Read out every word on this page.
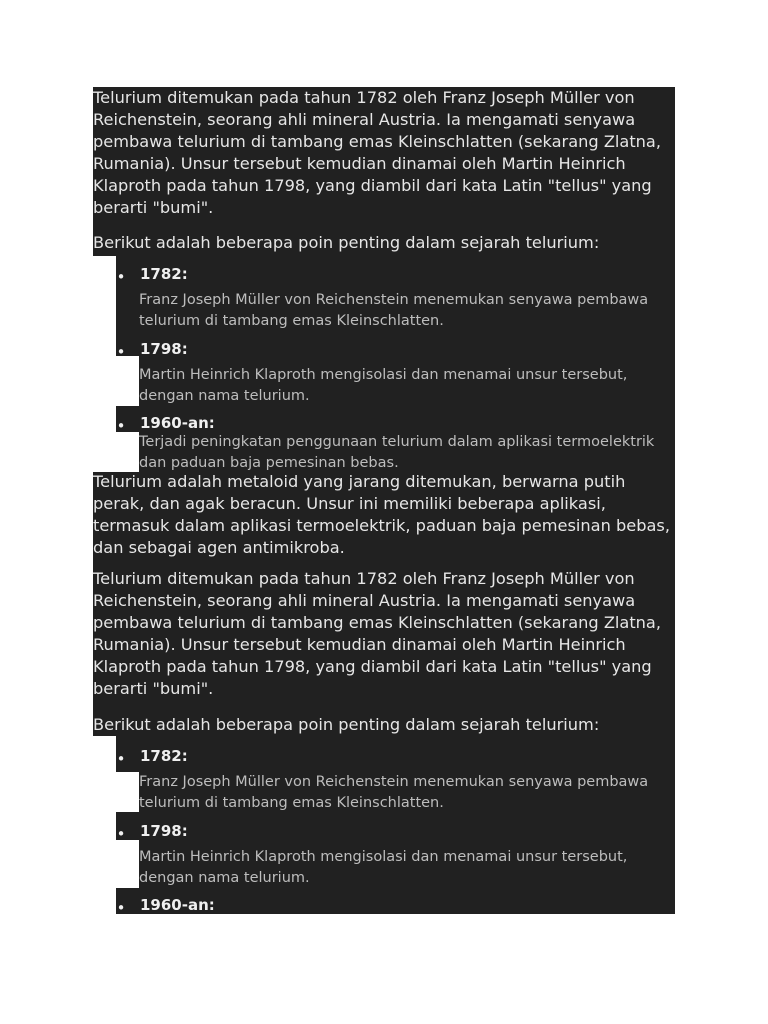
Telurium ditemukan pada tahun 1782 oleh Franz Joseph Müller von Reichenstein, seorang ahli mineral Austria. Ia mengamati senyawa pembawa telurium di tambang emas Kleinschlatten (sekarang Zlatna, Rumania). Unsur tersebut kemudian dinamai oleh Martin Heinrich Klaproth pada tahun 1798, yang diambil dari kata Latin "tellus" yang berarti "bumi".

Berikut adalah beberapa poin penting dalam sejarah telurium:

• 1782:
Franz Joseph Müller von Reichenstein menemukan senyawa pembawa telurium di tambang emas Kleinschlatten.
• 1798:
Martin Heinrich Klaproth mengisolasi dan menamai unsur tersebut, dengan nama telurium.
• 1960-an:
Terjadi peningkatan penggunaan telurium dalam aplikasi termoelektrik dan paduan baja pemesinan bebas.

Telurium adalah metaloid yang jarang ditemukan, berwarna putih perak, dan agak beracun. Unsur ini memiliki beberapa aplikasi, termasuk dalam aplikasi termoelektrik, paduan baja pemesinan bebas, dan sebagai agen antimikroba.

Telurium ditemukan pada tahun 1782 oleh Franz Joseph Müller von Reichenstein, seorang ahli mineral Austria. Ia mengamati senyawa pembawa telurium di tambang emas Kleinschlatten (sekarang Zlatna, Rumania). Unsur tersebut kemudian dinamai oleh Martin Heinrich Klaproth pada tahun 1798, yang diambil dari kata Latin "tellus" yang berarti "bumi".

Berikut adalah beberapa poin penting dalam sejarah telurium:

• 1782:
Franz Joseph Müller von Reichenstein menemukan senyawa pembawa telurium di tambang emas Kleinschlatten.
• 1798:
Martin Heinrich Klaproth mengisolasi dan menamai unsur tersebut, dengan nama telurium.
• 1960-an:
